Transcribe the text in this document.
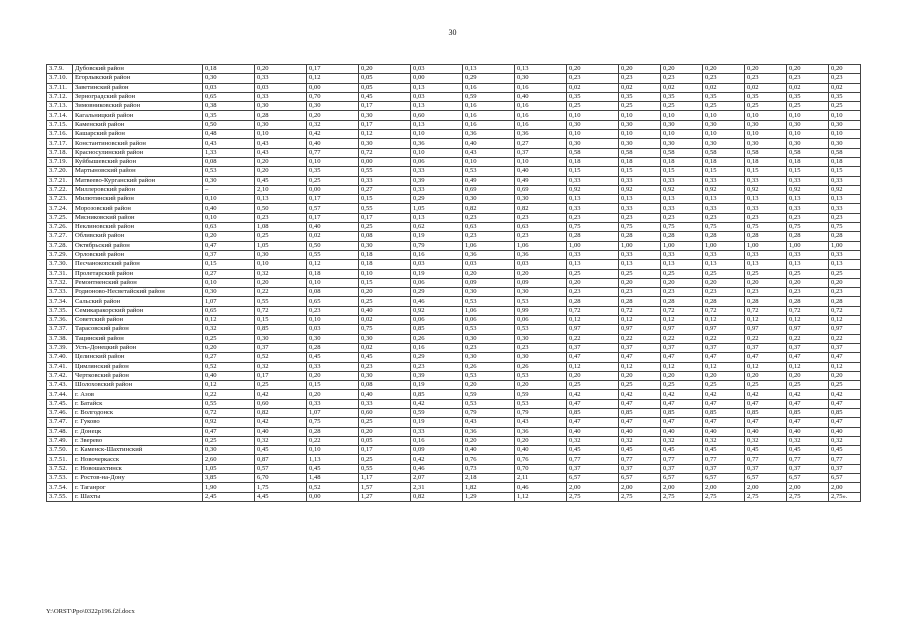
30
3.7.9.	Дубовский район	0,18	0,20	0,17	0,20	0,03	0,13	0,13	0,20	0,20	0,20	0,20	0,20	0,20	0,20
3.7.10.	Егорлыкский район	0,30	0,33	0,12	0,05	0,00	0,29	0,30	0,23	0,23	0,23	0,23	0,23	0,23	0,23
3.7.11.	Заветинский район	0,03	0,03	0,00	0,05	0,13	0,16	0,16	0,02	0,02	0,02	0,02	0,02	0,02	0,02
3.7.12.	Зерноградский район	0,65	0,33	0,70	0,45	0,03	0,59	0,40	0,35	0,35	0,35	0,35	0,35	0,35	0,35
3.7.13.	Зимовниковский район	0,38	0,30	0,30	0,17	0,13	0,16	0,16	0,25	0,25	0,25	0,25	0,25	0,25	0,25
3.7.14.	Кагальницкий район	0,35	0,28	0,20	0,30	0,60	0,16	0,16	0,10	0,10	0,10	0,10	0,10	0,10	0,10
3.7.15.	Каменский район	0,50	0,30	0,32	0,17	0,13	0,16	0,16	0,30	0,30	0,30	0,30	0,30	0,30	0,30
3.7.16.	Кашарский район	0,48	0,10	0,42	0,12	0,10	0,36	0,36	0,10	0,10	0,10	0,10	0,10	0,10	0,10
3.7.17.	Константиновский район	0,43	0,43	0,40	0,30	0,36	0,40	0,27	0,30	0,30	0,30	0,30	0,30	0,30	0,30
3.7.18.	Красносулинский район	1,33	0,43	0,77	0,72	0,10	0,43	0,37	0,58	0,58	0,58	0,58	0,58	0,58	0,58
3.7.19.	Куйбышевский район	0,08	0,20	0,10	0,00	0,06	0,10	0,10	0,18	0,18	0,18	0,18	0,18	0,18	0,18
3.7.20.	Мартыновский район	0,53	0,20	0,35	0,55	0,33	0,53	0,40	0,15	0,15	0,15	0,15	0,15	0,15	0,15
3.7.21.	Матвеево-Курганский район	0,30	0,45	0,25	0,33	0,39	0,49	0,49	0,33	0,33	0,33	0,33	0,33	0,33	0,33
3.7.22.	Миллеровский район	–	2,10	0,00	0,27	0,33	0,69	0,69	0,92	0,92	0,92	0,92	0,92	0,92	0,92
3.7.23.	Милютинский район	0,10	0,13	0,17	0,15	0,29	0,30	0,30	0,13	0,13	0,13	0,13	0,13	0,13	0,13
3.7.24.	Морозовский район	0,40	0,50	0,57	0,55	1,05	0,82	0,82	0,33	0,33	0,33	0,33	0,33	0,33	0,33
3.7.25.	Мясниковский район	0,10	0,23	0,17	0,17	0,13	0,23	0,23	0,23	0,23	0,23	0,23	0,23	0,23	0,23
3.7.26.	Неклиновский район	0,63	1,08	0,40	0,25	0,62	0,63	0,63	0,75	0,75	0,75	0,75	0,75	0,75	0,75
3.7.27.	Обливский район	0,20	0,25	0,02	0,08	0,19	0,23	0,23	0,28	0,28	0,28	0,28	0,28	0,28	0,28
3.7.28.	Октябрьский район	0,47	1,05	0,50	0,30	0,79	1,06	1,06	1,00	1,00	1,00	1,00	1,00	1,00	1,00
3.7.29.	Орловский район	0,37	0,30	0,55	0,18	0,16	0,36	0,36	0,33	0,33	0,33	0,33	0,33	0,33	0,33
3.7.30.	Песчанокопский район	0,15	0,10	0,12	0,18	0,03	0,03	0,03	0,13	0,13	0,13	0,13	0,13	0,13	0,13
3.7.31.	Пролетарский район	0,27	0,32	0,18	0,10	0,19	0,20	0,20	0,25	0,25	0,25	0,25	0,25	0,25	0,25
3.7.32.	Ремонтненский район	0,10	0,20	0,10	0,15	0,06	0,09	0,09	0,20	0,20	0,20	0,20	0,20	0,20	0,20
3.7.33.	Родионово-Несветайский район	0,30	0,22	0,08	0,20	0,29	0,30	0,30	0,23	0,23	0,23	0,23	0,23	0,23	0,23
3.7.34.	Сальский район	1,07	0,55	0,65	0,25	0,46	0,53	0,53	0,28	0,28	0,28	0,28	0,28	0,28	0,28
3.7.35.	Семикаракорский район	0,65	0,72	0,23	0,40	0,92	1,06	0,99	0,72	0,72	0,72	0,72	0,72	0,72	0,72
3.7.36.	Советский район	0,12	0,15	0,10	0,02	0,06	0,06	0,06	0,12	0,12	0,12	0,12	0,12	0,12	0,12
3.7.37.	Тарасовский район	0,32	0,85	0,03	0,75	0,85	0,53	0,53	0,97	0,97	0,97	0,97	0,97	0,97	0,97
3.7.38.	Тацинский район	0,25	0,30	0,30	0,30	0,26	0,30	0,30	0,22	0,22	0,22	0,22	0,22	0,22	0,22
3.7.39.	Усть-Донецкий район	0,20	0,37	0,28	0,02	0,16	0,23	0,23	0,37	0,37	0,37	0,37	0,37	0,37	0,37
3.7.40.	Целинский район	0,27	0,52	0,45	0,45	0,29	0,30	0,30	0,47	0,47	0,47	0,47	0,47	0,47	0,47
3.7.41.	Цимлянский район	0,52	0,32	0,33	0,23	0,23	0,26	0,26	0,12	0,12	0,12	0,12	0,12	0,12	0,12
3.7.42.	Чертковский район	0,40	0,17	0,20	0,30	0,39	0,53	0,53	0,20	0,20	0,20	0,20	0,20	0,20	0,20
3.7.43.	Шолоховский район	0,12	0,25	0,15	0,08	0,19	0,20	0,20	0,25	0,25	0,25	0,25	0,25	0,25	0,25
3.7.44.	г. Азов	0,22	0,42	0,20	0,40	0,85	0,59	0,59	0,42	0,42	0,42	0,42	0,42	0,42	0,42
3.7.45.	г. Батайск	0,55	0,60	0,33	0,33	0,42	0,53	0,53	0,47	0,47	0,47	0,47	0,47	0,47	0,47
3.7.46.	г. Волгодонск	0,72	0,82	1,07	0,60	0,59	0,79	0,79	0,85	0,85	0,85	0,85	0,85	0,85	0,85
3.7.47.	г. Гуково	0,92	0,42	0,75	0,25	0,19	0,43	0,43	0,47	0,47	0,47	0,47	0,47	0,47	0,47
3.7.48.	г. Донецк	0,47	0,40	0,28	0,20	0,33	0,36	0,36	0,40	0,40	0,40	0,40	0,40	0,40	0,40
3.7.49.	г. Зверево	0,25	0,32	0,22	0,05	0,16	0,20	0,20	0,32	0,32	0,32	0,32	0,32	0,32	0,32
3.7.50.	г. Каменск-Шахтинский	0,30	0,45	0,10	0,17	0,09	0,40	0,40	0,45	0,45	0,45	0,45	0,45	0,45	0,45
3.7.51.	г. Новочеркасск	2,60	0,87	1,13	0,25	0,42	0,76	0,76	0,77	0,77	0,77	0,77	0,77	0,77	0,77
3.7.52.	г. Новошахтинск	1,05	0,57	0,45	0,55	0,46	0,73	0,70	0,37	0,37	0,37	0,37	0,37	0,37	0,37
3.7.53.	г. Ростов-на-Дону	3,85	6,70	1,48	1,17	2,07	2,18	2,11	6,57	6,57	6,57	6,57	6,57	6,57	6,57
3.7.54.	г. Таганрог	1,90	1,75	0,52	1,57	2,31	1,82	0,46	2,00	2,00	2,00	2,00	2,00	2,00	2,00
3.7.55.	г. Шахты	2,45	4,45	0,00	1,27	0,82	1,29	1,12	2,75	2,75	2,75	2,75	2,75	2,75	2,75».
Y:\ORST\Ppo\0322p196.f2f.docx
